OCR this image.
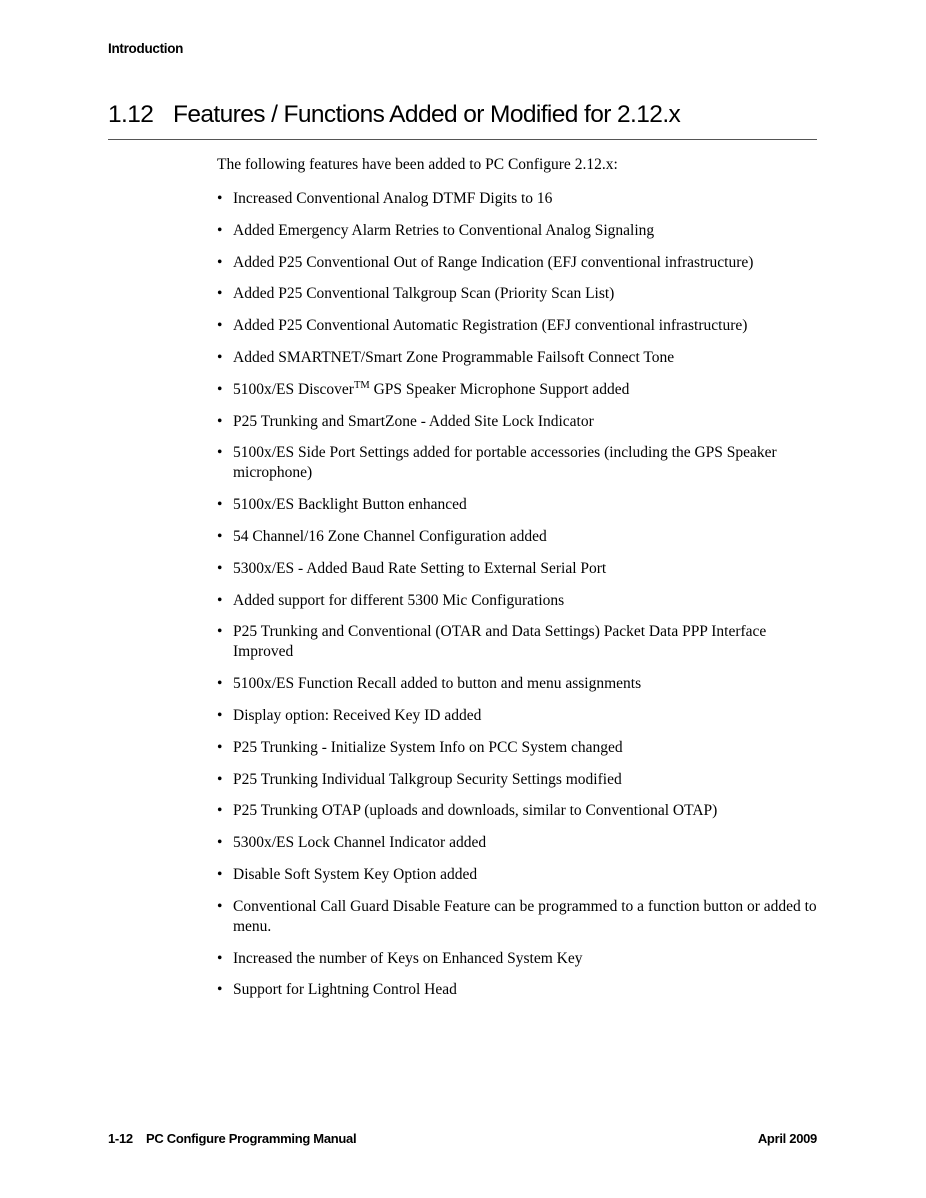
Introduction
1.12 Features / Functions Added or Modified for 2.12.x

The following features have been added to PC Configure 2.12.x:

• Increased Conventional Analog DTMF Digits to 16
• Added Emergency Alarm Retries to Conventional Analog Signaling
• Added P25 Conventional Out of Range Indication (EFJ conventional infrastructure)
• Added P25 Conventional Talkgroup Scan (Priority Scan List)
• Added P25 Conventional Automatic Registration (EFJ conventional infrastructure)
• Added SMARTNET/Smart Zone Programmable Failsoft Connect Tone
• 5100x/ES Discover™ GPS Speaker Microphone Support added
• P25 Trunking and SmartZone - Added Site Lock Indicator
• 5100x/ES Side Port Settings added for portable accessories (including the GPS Speaker microphone)
• 5100x/ES Backlight Button enhanced
• 54 Channel/16 Zone Channel Configuration added
• 5300x/ES - Added Baud Rate Setting to External Serial Port
• Added support for different 5300 Mic Configurations
• P25 Trunking and Conventional (OTAR and Data Settings) Packet Data PPP Interface Improved
• 5100x/ES Function Recall added to button and menu assignments
• Display option: Received Key ID added
• P25 Trunking - Initialize System Info on PCC System changed
• P25 Trunking Individual Talkgroup Security Settings modified
• P25 Trunking OTAP (uploads and downloads, similar to Conventional OTAP)
• 5300x/ES Lock Channel Indicator added
• Disable Soft System Key Option added
• Conventional Call Guard Disable Feature can be programmed to a function button or added to menu.
• Increased the number of Keys on Enhanced System Key
• Support for Lightning Control Head
1-12 PC Configure Programming Manual	April 2009
